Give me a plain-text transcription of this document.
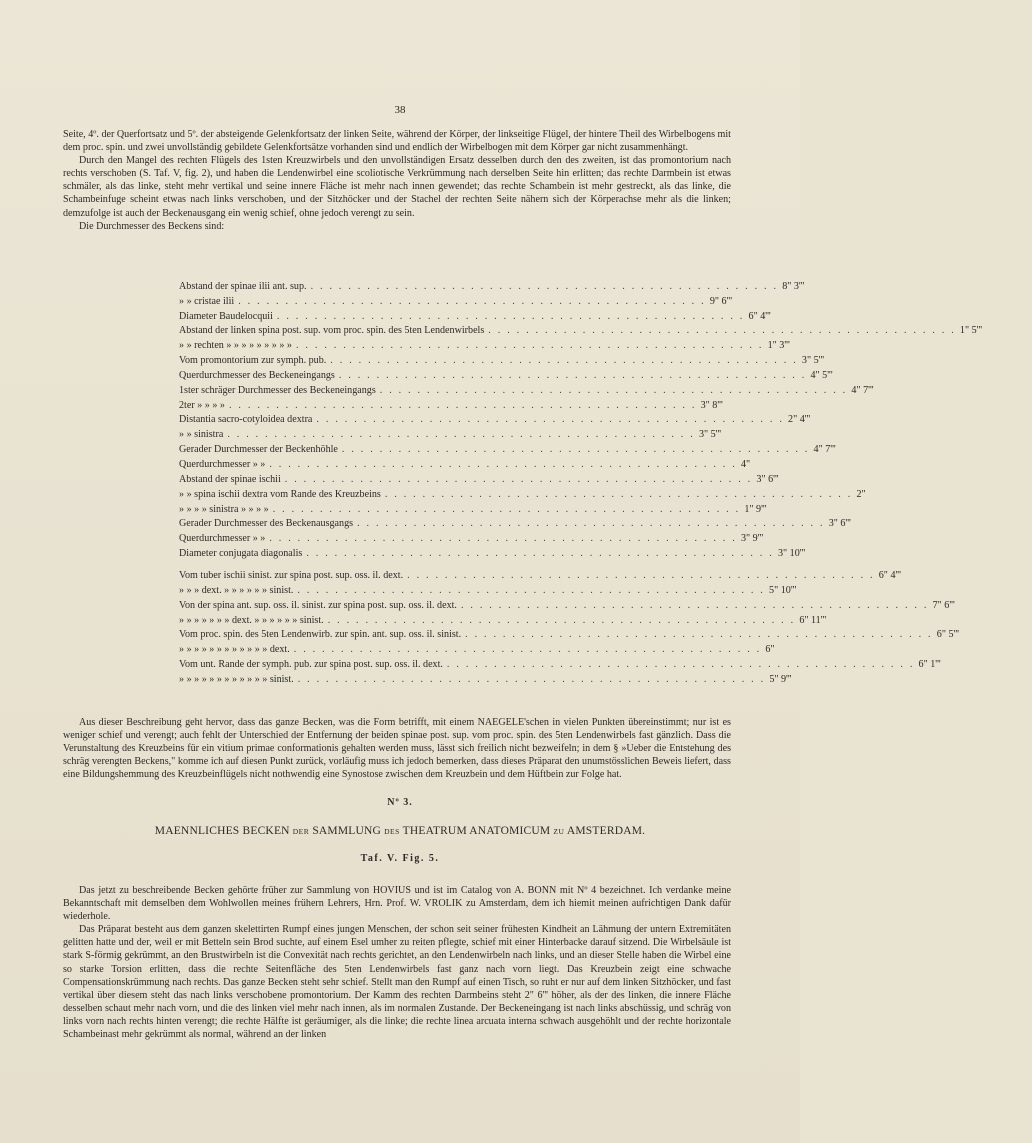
38

Seite, 4º. der Querfortsatz und 5º. der absteigende Gelenkfortsatz der linken Seite, während der Körper, der linkseitige Flügel, der hintere Theil des Wirbelbogens mit dem proc. spin. und zwei unvollständig gebildete Gelenkfortsätze vorhanden sind und endlich der Wirbelbogen mit dem Körper gar nicht zusammenhängt.

Durch den Mangel des rechten Flügels des 1sten Kreuzwirbels und den unvollständigen Ersatz desselben durch den des zweiten, ist das promontorium nach rechts verschoben (S. Taf. V, fig. 2), und haben die Lendenwirbel eine scoliotische Verkrümmung nach derselben Seite hin erlitten; das rechte Darmbein ist etwas schmäler, als das linke, steht mehr vertikal und seine innere Fläche ist mehr nach innen gewendet; das rechte Schambein ist mehr gestreckt, als das linke, die Schambeinfuge scheint etwas nach links verschoben, und der Sitzhöcker und der Stachel der rechten Seite nähern sich der Körperachse mehr als die linken; demzufolge ist auch der Beckenausgang ein wenig schief, ohne jedoch verengt zu sein.

Die Durchmesser des Beckens sind:

Abstand der spinae ilii ant. sup. . . . . . . . . . . . . . . . . . . . . . . . . . . . . . . . . . . . . . . . . . . . . . . . . . . 8" 3'''
» » cristae ilii . . . . . . . . . . . . . . . . . . . . . . . . . . . . . . . . . . . . . . . . . . . . . . . . . . 9" 6'''
Diameter Baudelocquii . . . . . . . . . . . . . . . . . . . . . . . . . . . . . . . . . . . . . . . . . . . . . . . . . . 6" 4'''
Abstand der linken spina post. sup. vom proc. spin. des 5ten Lendenwirbels . . . . . . . . . . . . . . . . . . . . . . . . . . . . . . . . . . . . . . . . . . . . . . . . . . 1" 5'''
» » rechten » » » » » » » » » . . . . . . . . . . . . . . . . . . . . . . . . . . . . . . . . . . . . . . . . . . . . . . . . . . 1" 3'''
Vom promontorium zur symph. pub. . . . . . . . . . . . . . . . . . . . . . . . . . . . . . . . . . . . . . . . . . . . . . . . . . . 3" 5'''
Querdurchmesser des Beckeneingangs . . . . . . . . . . . . . . . . . . . . . . . . . . . . . . . . . . . . . . . . . . . . . . . . . . 4" 5'''
1ster schräger Durchmesser des Beckeneingangs . . . . . . . . . . . . . . . . . . . . . . . . . . . . . . . . . . . . . . . . . . . . . . . . . . 4" 7'''
2ter » » » » . . . . . . . . . . . . . . . . . . . . . . . . . . . . . . . . . . . . . . . . . . . . . . . . . . 3" 8'''
Distantia sacro-cotyloidea dextra . . . . . . . . . . . . . . . . . . . . . . . . . . . . . . . . . . . . . . . . . . . . . . . . . . 2" 4'''
» » sinistra . . . . . . . . . . . . . . . . . . . . . . . . . . . . . . . . . . . . . . . . . . . . . . . . . . 3" 5'''
Gerader Durchmesser der Beckenhöhle . . . . . . . . . . . . . . . . . . . . . . . . . . . . . . . . . . . . . . . . . . . . . . . . . . 4" 7'''
Querdurchmesser » » . . . . . . . . . . . . . . . . . . . . . . . . . . . . . . . . . . . . . . . . . . . . . . . . . . 4"
Abstand der spinae ischii . . . . . . . . . . . . . . . . . . . . . . . . . . . . . . . . . . . . . . . . . . . . . . . . . . 3" 6'''
» » spina ischii dextra vom Rande des Kreuzbeins . . . . . . . . . . . . . . . . . . . . . . . . . . . . . . . . . . . . . . . . . . . . . . . . . . 2"
» » » » sinistra » » » » . . . . . . . . . . . . . . . . . . . . . . . . . . . . . . . . . . . . . . . . . . . . . . . . . . 1" 9'''
Gerader Durchmesser des Beckenausgangs . . . . . . . . . . . . . . . . . . . . . . . . . . . . . . . . . . . . . . . . . . . . . . . . . . 3" 6'''
Querdurchmesser » » . . . . . . . . . . . . . . . . . . . . . . . . . . . . . . . . . . . . . . . . . . . . . . . . . . 3" 9'''
Diameter conjugata diagonalis . . . . . . . . . . . . . . . . . . . . . . . . . . . . . . . . . . . . . . . . . . . . . . . . . . 3" 10'''
Vom tuber ischii sinist. zur spina post. sup. oss. il. dext. . . . . . . . . . . . . . . . . . . . . . . . . . . . . . . . . . . . . . . . . . . . . . . . . . . 6" 4'''
» » » dext. » » » » » » sinist. . . . . . . . . . . . . . . . . . . . . . . . . . . . . . . . . . . . . . . . . . . . . . . . . . . 5" 10'''
Von der spina ant. sup. oss. il. sinist. zur spina post. sup. oss. il. dext. . . . . . . . . . . . . . . . . . . . . . . . . . . . . . . . . . . . . . . . . . . . . . . . . . . 7" 6'''
» » » » » » » dext. » » » » » » sinist. . . . . . . . . . . . . . . . . . . . . . . . . . . . . . . . . . . . . . . . . . . . . . . . . . . 6" 11'''
Vom proc. spin. des 5ten Lendenwirb. zur spin. ant. sup. oss. il. sinist. . . . . . . . . . . . . . . . . . . . . . . . . . . . . . . . . . . . . . . . . . . . . . . . . . . 6" 5'''
» » » » » » » » » » » » dext. . . . . . . . . . . . . . . . . . . . . . . . . . . . . . . . . . . . . . . . . . . . . . . . . . . 6"
Vom unt. Rande der symph. pub. zur spina post. sup. oss. il. dext. . . . . . . . . . . . . . . . . . . . . . . . . . . . . . . . . . . . . . . . . . . . . . . . . . . 6" 1'''
» » » » » » » » » » » » sinist. . . . . . . . . . . . . . . . . . . . . . . . . . . . . . . . . . . . . . . . . . . . . . . . . . . 5" 9'''

Aus dieser Beschreibung geht hervor, dass das ganze Becken, was die Form betrifft, mit einem NAEGELE'schen in vielen Punkten übereinstimmt; nur ist es weniger schief und verengt; auch fehlt der Unterschied der Entfernung der beiden spinae post. sup. vom proc. spin. des 5ten Lendenwirbels fast gänzlich. Dass die Verunstaltung des Kreuzbeins für ein vitium primae conformationis gehalten werden muss, lässt sich freilich nicht bezweifeln; in dem § »Ueber die Entstehung des schräg verengten Beckens," komme ich auf diesen Punkt zurück, vorläufig muss ich jedoch bemerken, dass dieses Präparat den unumstösslichen Beweis liefert, dass eine Bildungshemmung des Kreuzbeinflügels nicht nothwendig eine Synostose zwischen dem Kreuzbein und dem Hüftbein zur Folge hat.

Nº 3.
MAENNLICHES BECKEN DER SAMMLUNG DES THEATRUM ANATOMICUM ZU AMSTERDAM.
Taf. V. Fig. 5.

Das jetzt zu beschreibende Becken gehörte früher zur Sammlung von HOVIUS und ist im Catalog von A. BONN mit Nº 4 bezeichnet. Ich verdanke meine Bekanntschaft mit demselben dem Wohlwollen meines frühern Lehrers, Hrn. Prof. W. VROLIK zu Amsterdam, dem ich hiemit meinen aufrichtigen Dank dafür wiederhole.

Das Präparat besteht aus dem ganzen skelettirten Rumpf eines jungen Menschen, der schon seit seiner frühesten Kindheit an Lähmung der untern Extremitäten gelitten hatte und der, weil er mit Betteln sein Brod suchte, auf einem Esel umher zu reiten pflegte, schief mit einer Hinterbacke darauf sitzend. Die Wirbelsäule ist stark S-förmig gekrümmt, an den Brustwirbeln ist die Convexität nach rechts gerichtet, an den Lendenwirbeln nach links, und an dieser Stelle haben die Wirbel eine so starke Torsion erlitten, dass die rechte Seitenfläche des 5ten Lendenwirbels fast ganz nach vorn liegt. Das Kreuzbein zeigt eine schwache Compensationskrümmung nach rechts. Das ganze Becken steht sehr schief. Stellt man den Rumpf auf einen Tisch, so ruht er nur auf dem linken Sitzhöcker, und fast vertikal über diesem steht das nach links verschobene promontorium. Der Kamm des rechten Darmbeins steht 2" 6''' höher, als der des linken, die innere Fläche desselben schaut mehr nach vorn, und die des linken viel mehr nach innen, als im normalen Zustande. Der Beckeneingang ist nach links abschüssig, und schräg von links vorn nach rechts hinten verengt; die rechte Hälfte ist geräumiger, als die linke; die rechte linea arcuata interna schwach ausgehöhlt und der rechte horizontale Schambeinast mehr gekrümmt als normal, während an der linken
